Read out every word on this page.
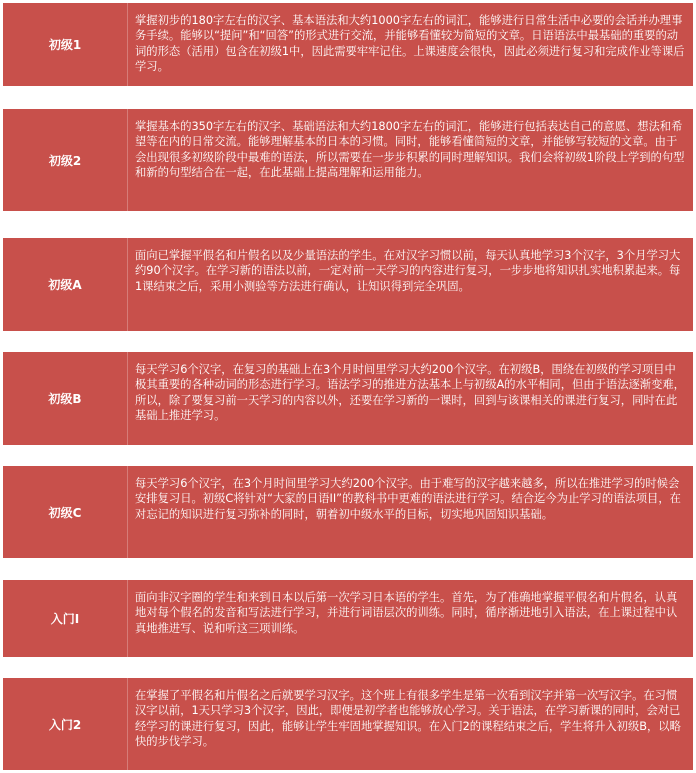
初级1
掌握初步的180字左右的汉字、基本语法和大约1000字左右的词汇，能够进行日常生活中必要的会话并办理事务手续。能够以“提问”和“回答”的形式进行交流，并能够看懂较为简短的文章。日语语法中最基础的重要的动词的形态（活用）包含在初级1中，因此需要牢牢记住。上课速度会很快，因此必须进行复习和完成作业等课后学习。
初级2
掌握基本的350字左右的汉字、基础语法和大约1800字左右的词汇，能够进行包括表达自己的意愿、想法和希望等在内的日常交流。能够理解基本的日本的习惯。同时，能够看懂简短的文章，并能够写较短的文章。由于会出现很多初级阶段中最难的语法，所以需要在一步步积累的同时理解知识。我们会将初级1阶段上学到的句型和新的句型结合在一起，在此基础上提高理解和运用能力。
初级A
面向已掌握平假名和片假名以及少量语法的学生。在对汉字习惯以前，每天认真地学习3个汉字，3个月学习大约90个汉字。在学习新的语法以前，一定对前一天学习的内容进行复习，一步步地将知识扎实地积累起来。每1课结束之后，采用小测验等方法进行确认，让知识得到完全巩固。
初级B
每天学习6个汉字，在复习的基础上在3个月时间里学习大约200个汉字。在初级B，围绕在初级的学习项目中极其重要的各种动词的形态进行学习。语法学习的推进方法基本上与初级A的水平相同，但由于语法逐渐变难，所以，除了要复习前一天学习的内容以外，还要在学习新的一课时，回到与该课相关的课进行复习，同时在此基础上推进学习。
初级C
每天学习6个汉字，在3个月时间里学习大约200个汉字。由于难写的汉字越来越多，所以在推进学习的时候会安排复习日。初级C将针对“大家的日语II”的教科书中更难的语法进行学习。结合迄今为止学习的语法项目，在对忘记的知识进行复习弥补的同时，朝着初中级水平的目标，切实地巩固知识基础。
入门I
面向非汉字圈的学生和来到日本以后第一次学习日本语的学生。首先，为了准确地掌握平假名和片假名，认真地对每个假名的发音和写法进行学习，并进行词语层次的训练。同时，循序渐进地引入语法，在上课过程中认真地推进写、说和听这三项训练。
入门2
在掌握了平假名和片假名之后就要学习汉字。这个班上有很多学生是第一次看到汉字并第一次写汉字。在习惯汉字以前，1天只学习3个汉字，因此，即便是初学者也能够放心学习。关于语法，在学习新课的同时，会对已经学习的课进行复习，因此，能够让学生牢固地掌握知识。在入门2的课程结束之后，学生将升入初级B，以略快的步伐学习。
